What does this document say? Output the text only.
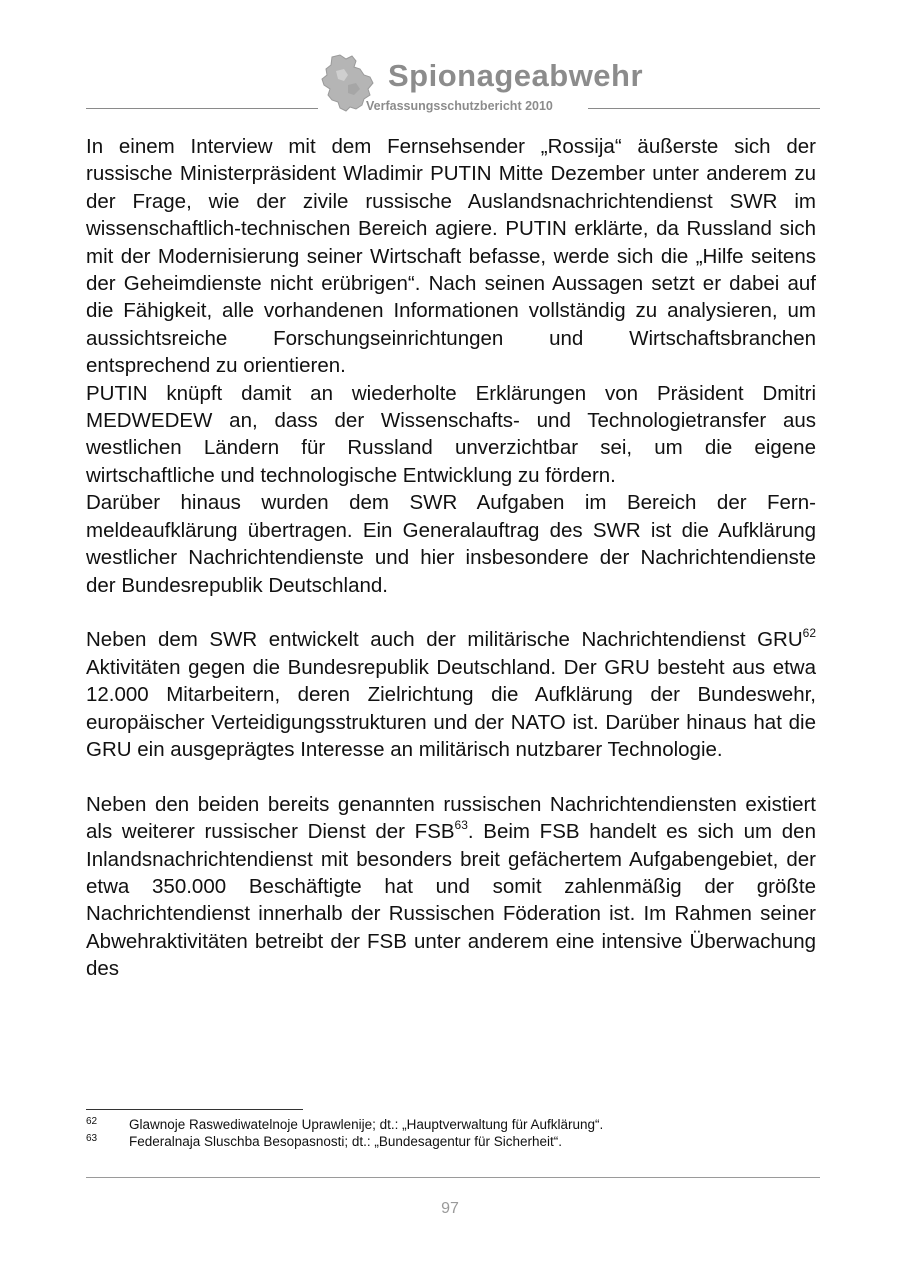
Spionageabwehr
Verfassungsschutzbericht 2010

In einem Interview mit dem Fernsehsender „Rossija“ äußerste sich der russische Ministerpräsident Wladimir PUTIN Mitte Dezember unter anderem zu der Frage, wie der zivile russische Auslandsnachrichtendienst SWR im wissenschaftlich-technischen Bereich agiere. PUTIN erklärte, da Russland sich mit der Modernisierung seiner Wirtschaft befasse, werde sich die „Hilfe seitens der Geheimdienste nicht erübrigen“. Nach seinen Aussagen setzt er dabei auf die Fähigkeit, alle vorhandenen Informationen vollständig zu analysieren, um aussichtsreiche Forschungseinrichtungen und Wirtschaftsbranchen entsprechend zu orientieren.

PUTIN knüpft damit an wiederholte Erklärungen von Präsident Dmitri MEDWEDEW an, dass der Wissenschafts- und Technologietransfer aus westlichen Ländern für Russland unverzichtbar sei, um die eigene wirtschaftliche und technologische Entwicklung zu fördern.

Darüber hinaus wurden dem SWR Aufgaben im Bereich der Fernmeldeaufklärung übertragen. Ein Generalauftrag des SWR ist die Aufklärung westlicher Nachrichtendienste und hier insbesondere der Nachrichtendienste der Bundesrepublik Deutschland.

Neben dem SWR entwickelt auch der militärische Nachrichtendienst GRU$^{62}$ Aktivitäten gegen die Bundesrepublik Deutschland. Der GRU besteht aus etwa 12.000 Mitarbeitern, deren Zielrichtung die Aufklärung der Bundeswehr, europäischer Verteidigungsstrukturen und der NATO ist. Darüber hinaus hat die GRU ein ausgeprägtes Interesse an militärisch nutzbarer Technologie.

Neben den beiden bereits genannten russischen Nachrichtendiensten existiert als weiterer russischer Dienst der FSB$^{63}$. Beim FSB handelt es sich um den Inlandsnachrichtendienst mit besonders breit gefächertem Aufgabengebiet, der etwa 350.000 Beschäftigte hat und somit zahlenmäßig der größte Nachrichtendienst innerhalb der Russischen Föderation ist. Im Rahmen seiner Abwehraktivitäten betreibt der FSB unter anderem eine intensive Überwachung des

62 Glawnoje Raswediwatelnoje Uprawlenije; dt.: „Hauptverwaltung für Aufklärung“.
63 Federalnaja Sluschba Besopasnosti; dt.: „Bundesagentur für Sicherheit“.
97
